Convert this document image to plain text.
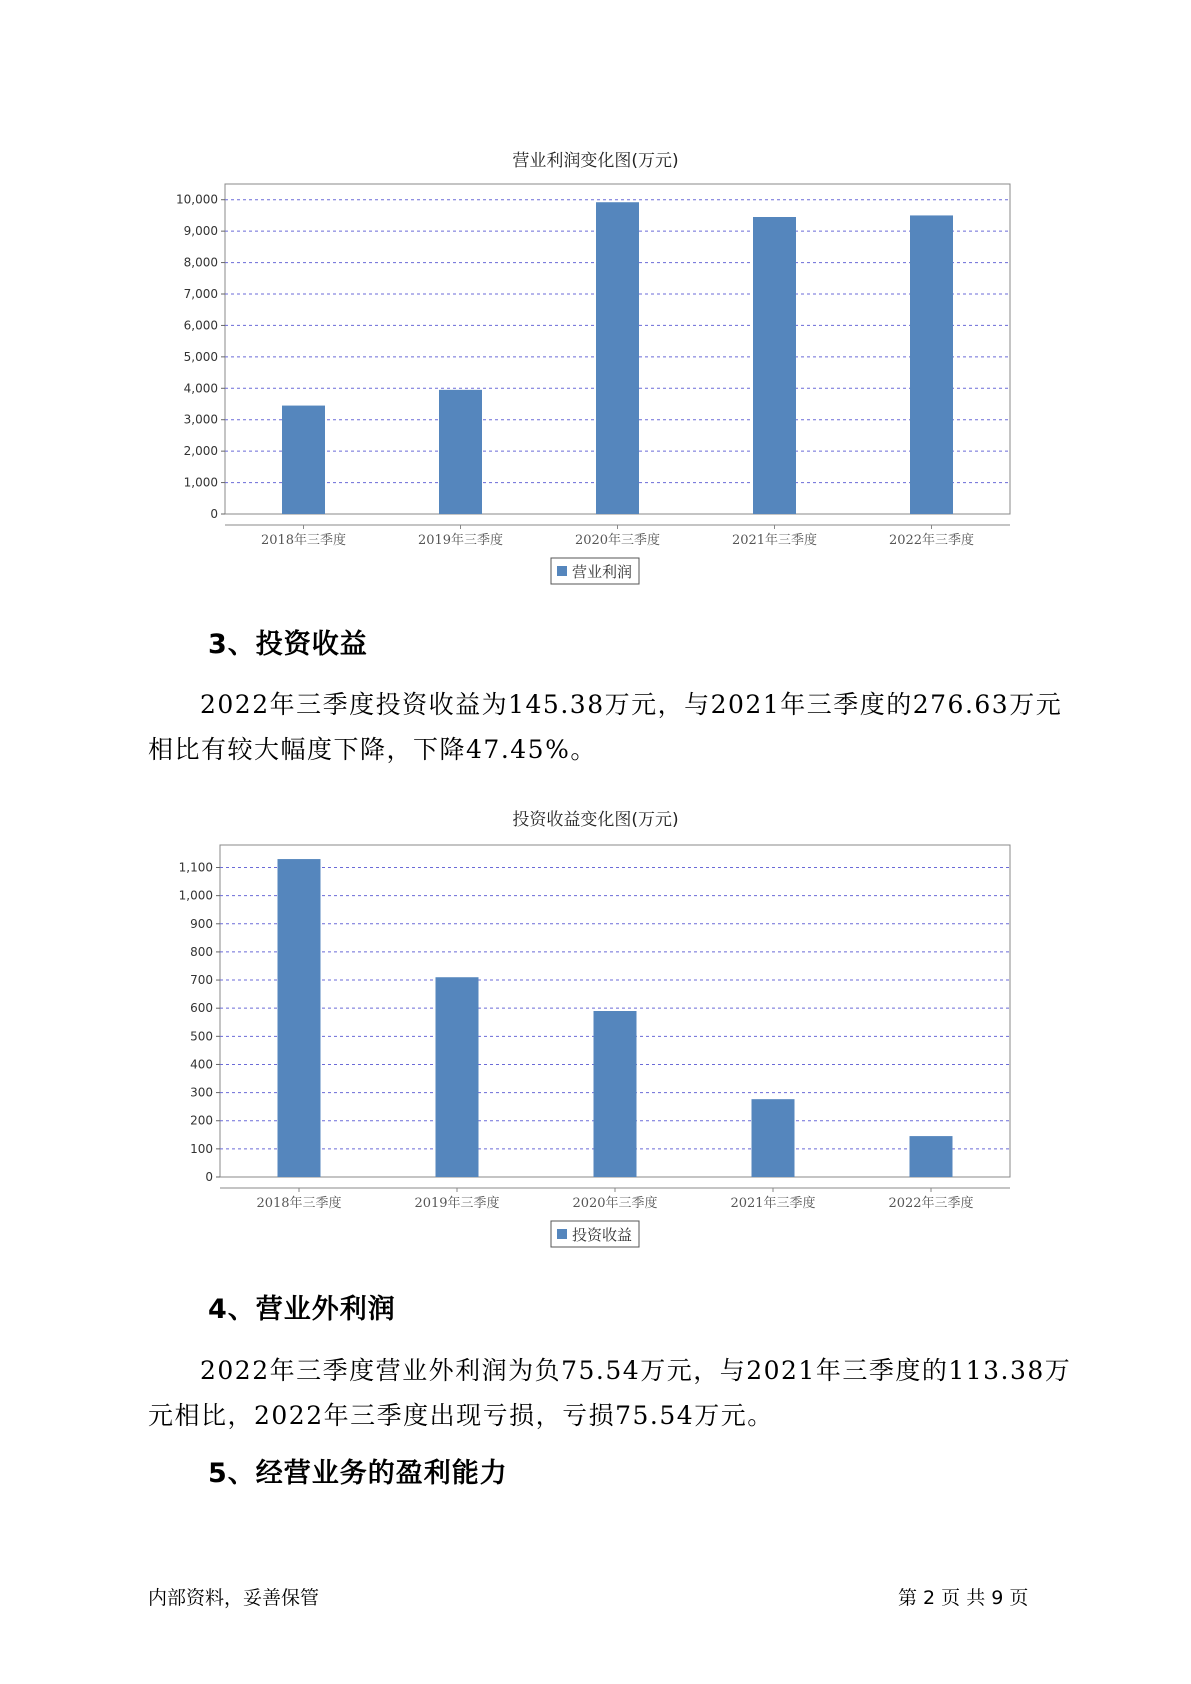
营业利润变化图(万元)
0
1,000
2,000
3,000
4,000
5,000
6,000
7,000
8,000
9,000
10,000
2018年三季度	2019年三季度	2020年三季度	2021年三季度	2022年三季度
营业利润
3、投资收益
2022年三季度投资收益为145.38万元，与2021年三季度的276.63万元
相比有较大幅度下降，下降47.45%。
投资收益变化图(万元)
0
100
200
300
400
500
600
700
800
900
1,000
1,100
2018年三季度	2019年三季度	2020年三季度	2021年三季度	2022年三季度
投资收益
4、营业外利润
2022年三季度营业外利润为负75.54万元，与2021年三季度的113.38万
元相比，2022年三季度出现亏损，亏损75.54万元。
5、经营业务的盈利能力
内部资料，妥善保管	第 2 页 共 9 页
